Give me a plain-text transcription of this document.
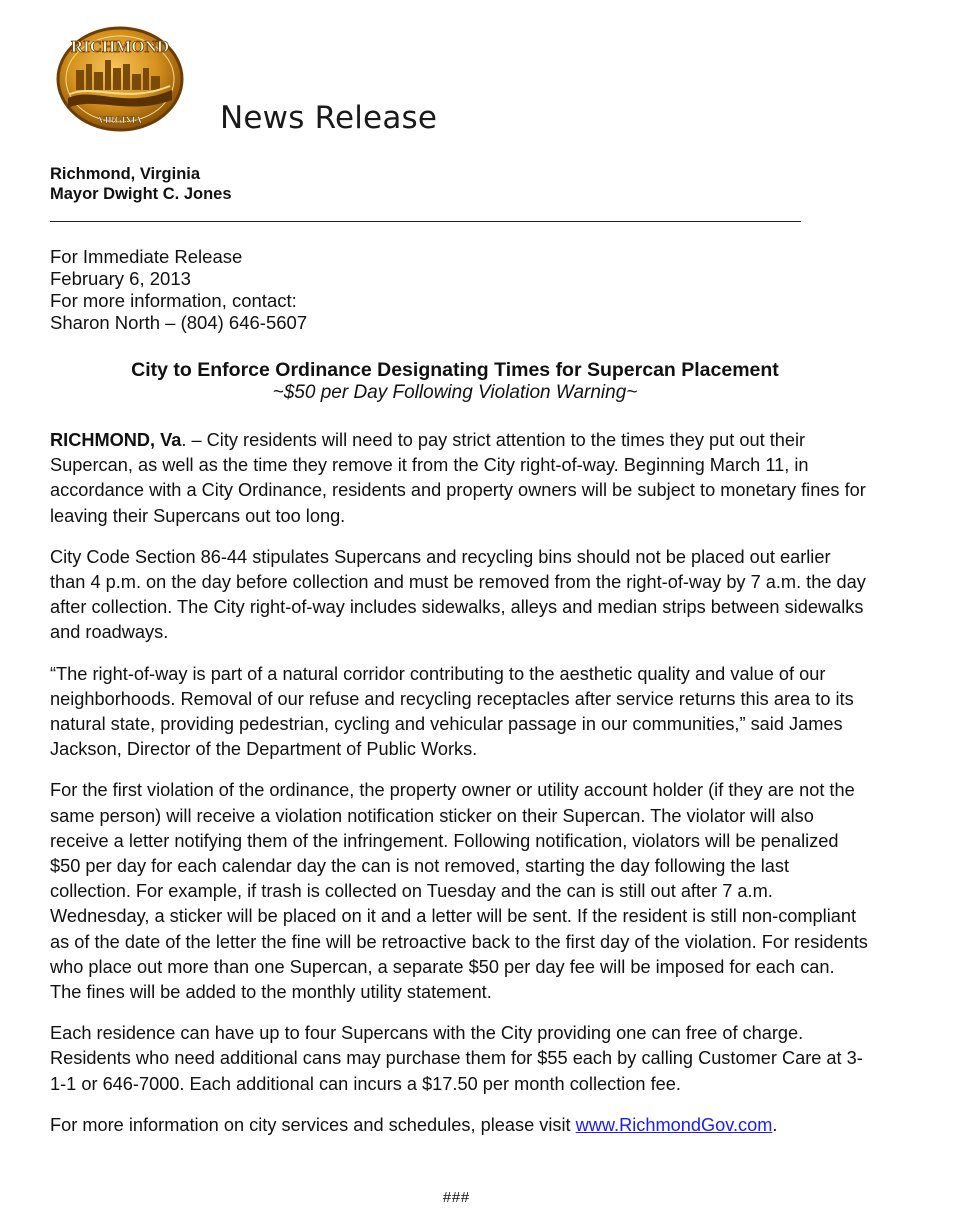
RICHMOND
VIRGINIA	News Release
Richmond, Virginia
Mayor Dwight C. Jones
For Immediate Release
February 6, 2013
For more information, contact:
Sharon North – (804) 646-5607
City to Enforce Ordinance Designating Times for Supercan Placement
~$50 per Day Following Violation Warning~

RICHMOND, Va. – City residents will need to pay strict attention to the times they put out their Supercan, as well as the time they remove it from the City right-of-way. Beginning March 11, in accordance with a City Ordinance, residents and property owners will be subject to monetary fines for leaving their Supercans out too long.

City Code Section 86-44 stipulates Supercans and recycling bins should not be placed out earlier than 4 p.m. on the day before collection and must be removed from the right-of-way by 7 a.m. the day after collection. The City right-of-way includes sidewalks, alleys and median strips between sidewalks and roadways.

“The right-of-way is part of a natural corridor contributing to the aesthetic quality and value of our neighborhoods. Removal of our refuse and recycling receptacles after service returns this area to its natural state, providing pedestrian, cycling and vehicular passage in our communities,” said James Jackson, Director of the Department of Public Works.

For the first violation of the ordinance, the property owner or utility account holder (if they are not the same person) will receive a violation notification sticker on their Supercan. The violator will also receive a letter notifying them of the infringement. Following notification, violators will be penalized $50 per day for each calendar day the can is not removed, starting the day following the last collection. For example, if trash is collected on Tuesday and the can is still out after 7 a.m. Wednesday, a sticker will be placed on it and a letter will be sent. If the resident is still non-compliant as of the date of the letter the fine will be retroactive back to the first day of the violation. For residents who place out more than one Supercan, a separate $50 per day fee will be imposed for each can. The fines will be added to the monthly utility statement.

Each residence can have up to four Supercans with the City providing one can free of charge. Residents who need additional cans may purchase them for $55 each by calling Customer Care at 3-1-1 or 646-7000. Each additional can incurs a $17.50 per month collection fee.

For more information on city services and schedules, please visit www.RichmondGov.com.

###
